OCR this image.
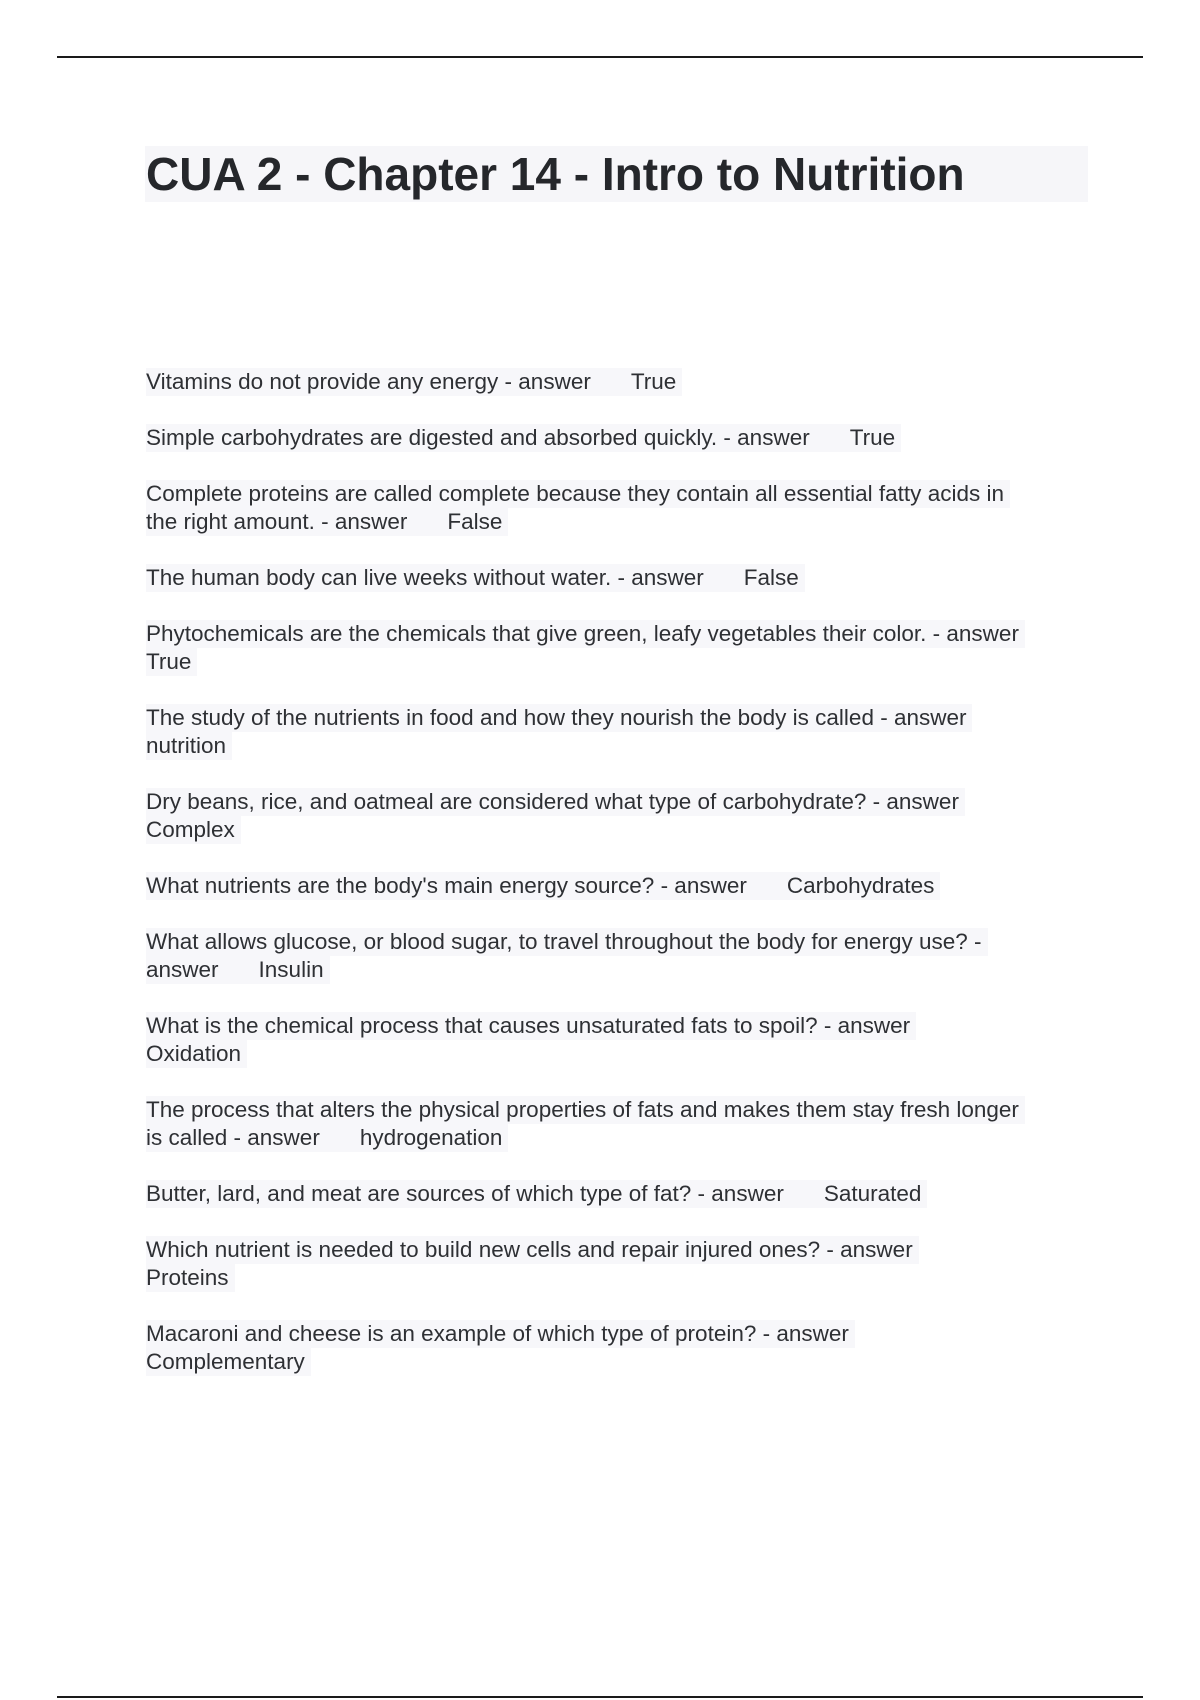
CUA 2 - Chapter 14 - Intro to Nutrition
Vitamins do not provide any energy - answer True

Simple carbohydrates are digested and absorbed quickly. - answer True

Complete proteins are called complete because they contain all essential fatty acids in
the right amount. - answer False

The human body can live weeks without water. - answer False

Phytochemicals are the chemicals that give green, leafy vegetables their color. - answer
True
The study of the nutrients in food and how they nourish the body is called - answer
nutrition
Dry beans, rice, and oatmeal are considered what type of carbohydrate? - answer
Complex
What nutrients are the body's main energy source? - answer Carbohydrates

What allows glucose, or blood sugar, to travel throughout the body for energy use? -
answer Insulin

What is the chemical process that causes unsaturated fats to spoil? - answer
Oxidation
The process that alters the physical properties of fats and makes them stay fresh longer
is called - answer hydrogenation

Butter, lard, and meat are sources of which type of fat? - answer Saturated

Which nutrient is needed to build new cells and repair injured ones? - answer
Proteins
Macaroni and cheese is an example of which type of protein? - answer
Complementary
